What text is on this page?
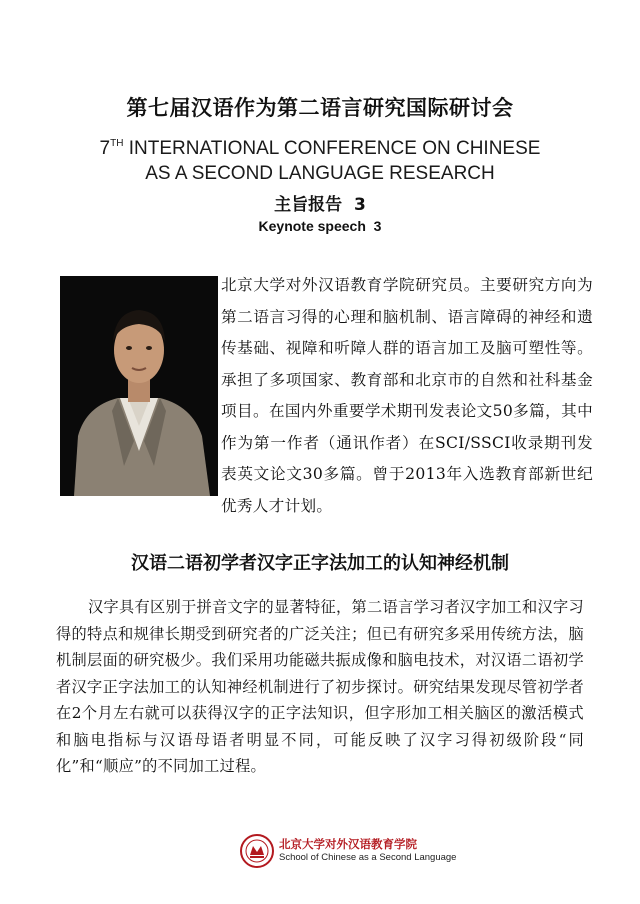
第七届汉语作为第二语言研究国际研讨会
7TH INTERNATIONAL CONFERENCE ON CHINESE
AS A SECOND LANGUAGE RESEARCH
主旨报告 3
Keynote speech 3
北京大学对外汉语教育学院研究员。主要研究方向为第二语言习得的心理和脑机制、语言障碍的神经和遗传基础、视障和听障人群的语言加工及脑可塑性等。承担了多项国家、教育部和北京市的自然和社科基金项目。在国内外重要学术期刊发表论文50多篇，其中作为第一作者（通讯作者）在SCI/SSCI收录期刊发表英文论文30多篇。曾于2013年入选教育部新世纪优秀人才计划。
汉语二语初学者汉字正字法加工的认知神经机制
汉字具有区别于拼音文字的显著特征，第二语言学习者汉字加工和汉字习得的特点和规律长期受到研究者的广泛关注；但已有研究多采用传统方法，脑机制层面的研究极少。我们采用功能磁共振成像和脑电技术，对汉语二语初学者汉字正字法加工的认知神经机制进行了初步探讨。研究结果发现尽管初学者在2个月左右就可以获得汉字的正字法知识，但字形加工相关脑区的激活模式和脑电指标与汉语母语者明显不同，可能反映了汉字习得初级阶段“同化”和“顺应”的不同加工过程。
北京大学对外汉语教育学院
School of Chinese as a Second Language
